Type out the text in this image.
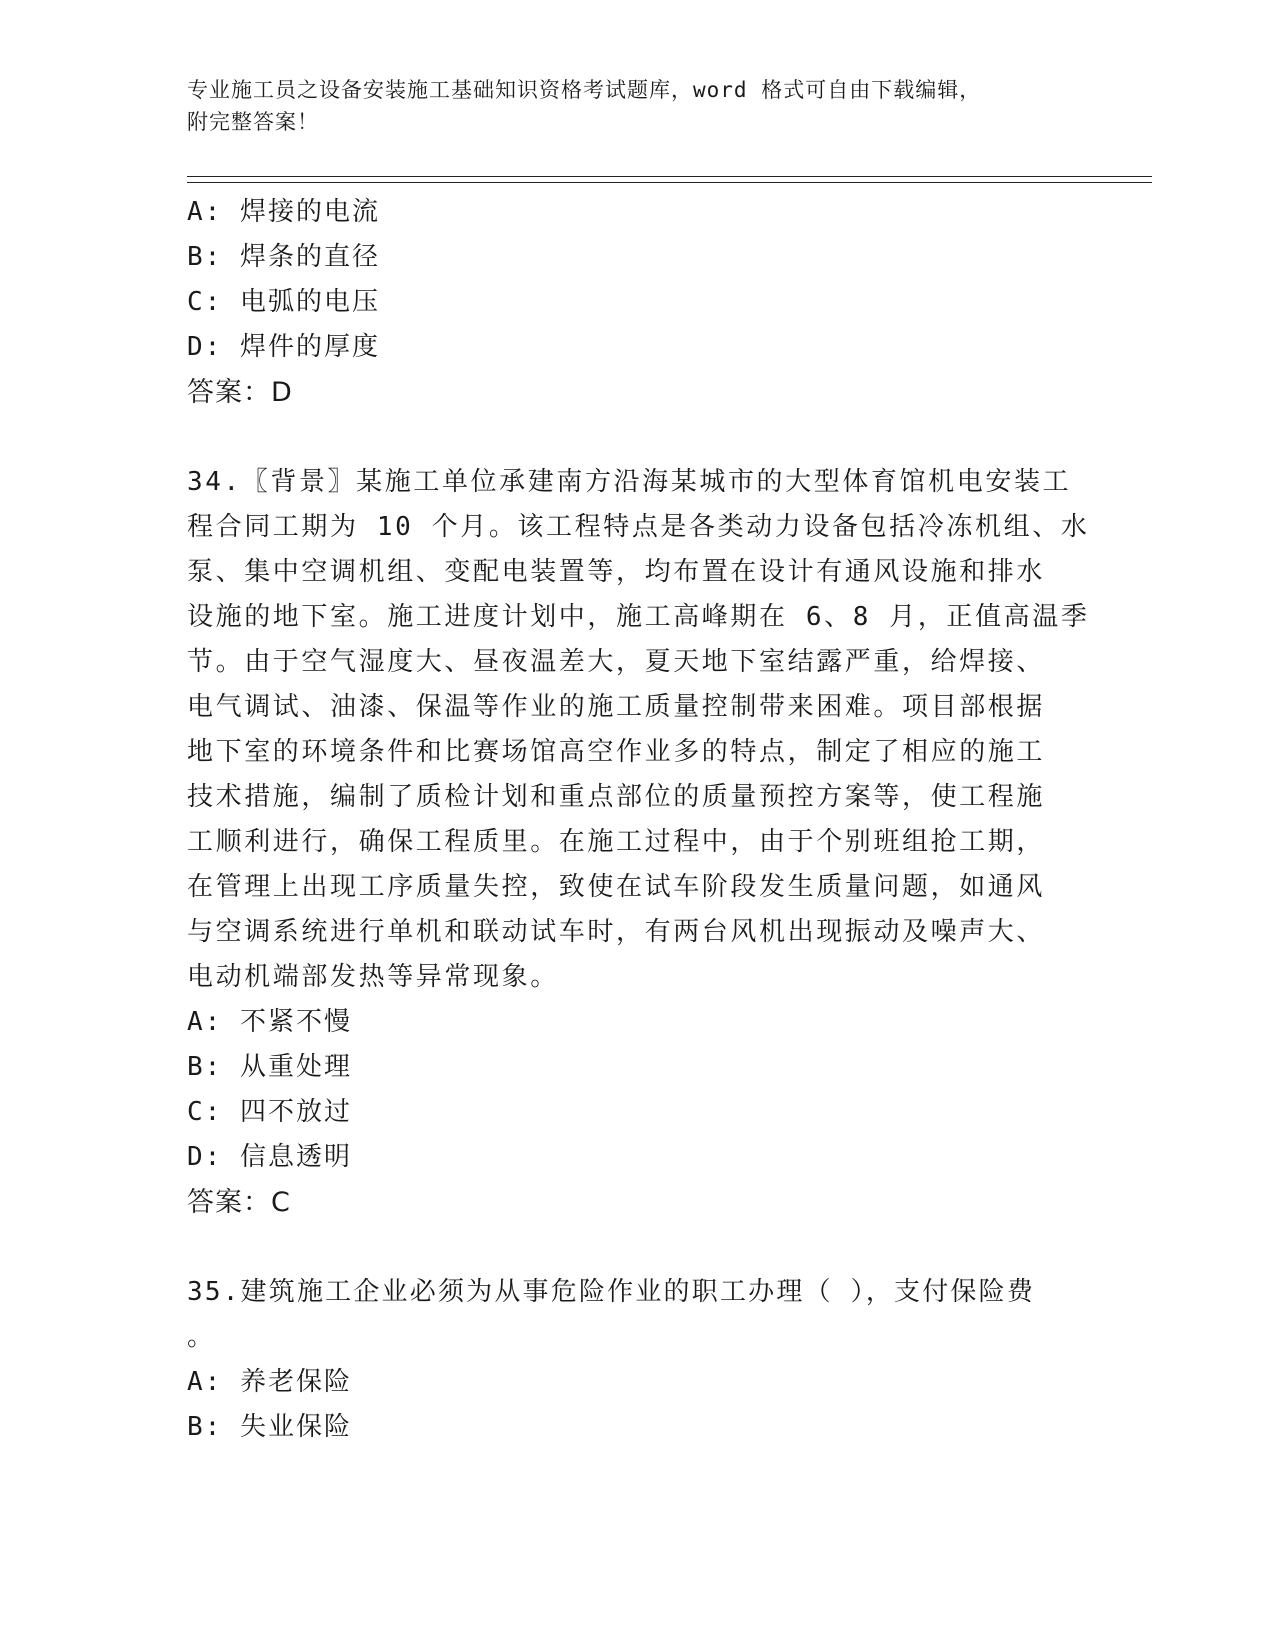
专业施工员之设备安装施工基础知识资格考试题库，word 格式可自由下载编辑，
附完整答案！
A: 焊接的电流
B: 焊条的直径
C: 电弧的电压
D: 焊件的厚度
答案：D
34.〖背景〗某施工单位承建南方沿海某城市的大型体育馆机电安装工
程合同工期为 10 个月。该工程特点是各类动力设备包括冷冻机组、水
泵、集中空调机组、变配电装置等，均布置在设计有通风设施和排水
设施的地下室。施工进度计划中，施工高峰期在 6、8 月，正值高温季
节。由于空气湿度大、昼夜温差大，夏天地下室结露严重，给焊接、
电气调试、油漆、保温等作业的施工质量控制带来困难。项目部根据
地下室的环境条件和比赛场馆高空作业多的特点，制定了相应的施工
技术措施，编制了质检计划和重点部位的质量预控方案等，使工程施
工顺利进行，确保工程质里。在施工过程中，由于个别班组抢工期，
在管理上出现工序质量失控，致使在试车阶段发生质量问题，如通风
与空调系统进行单机和联动试车时，有两台风机出现振动及噪声大、
电动机端部发热等异常现象。
A: 不紧不慢
B: 从重处理
C: 四不放过
D: 信息透明
答案：C
35.建筑施工企业必须为从事危险作业的职工办理（ ），支付保险费
。
A: 养老保险
B: 失业保险
